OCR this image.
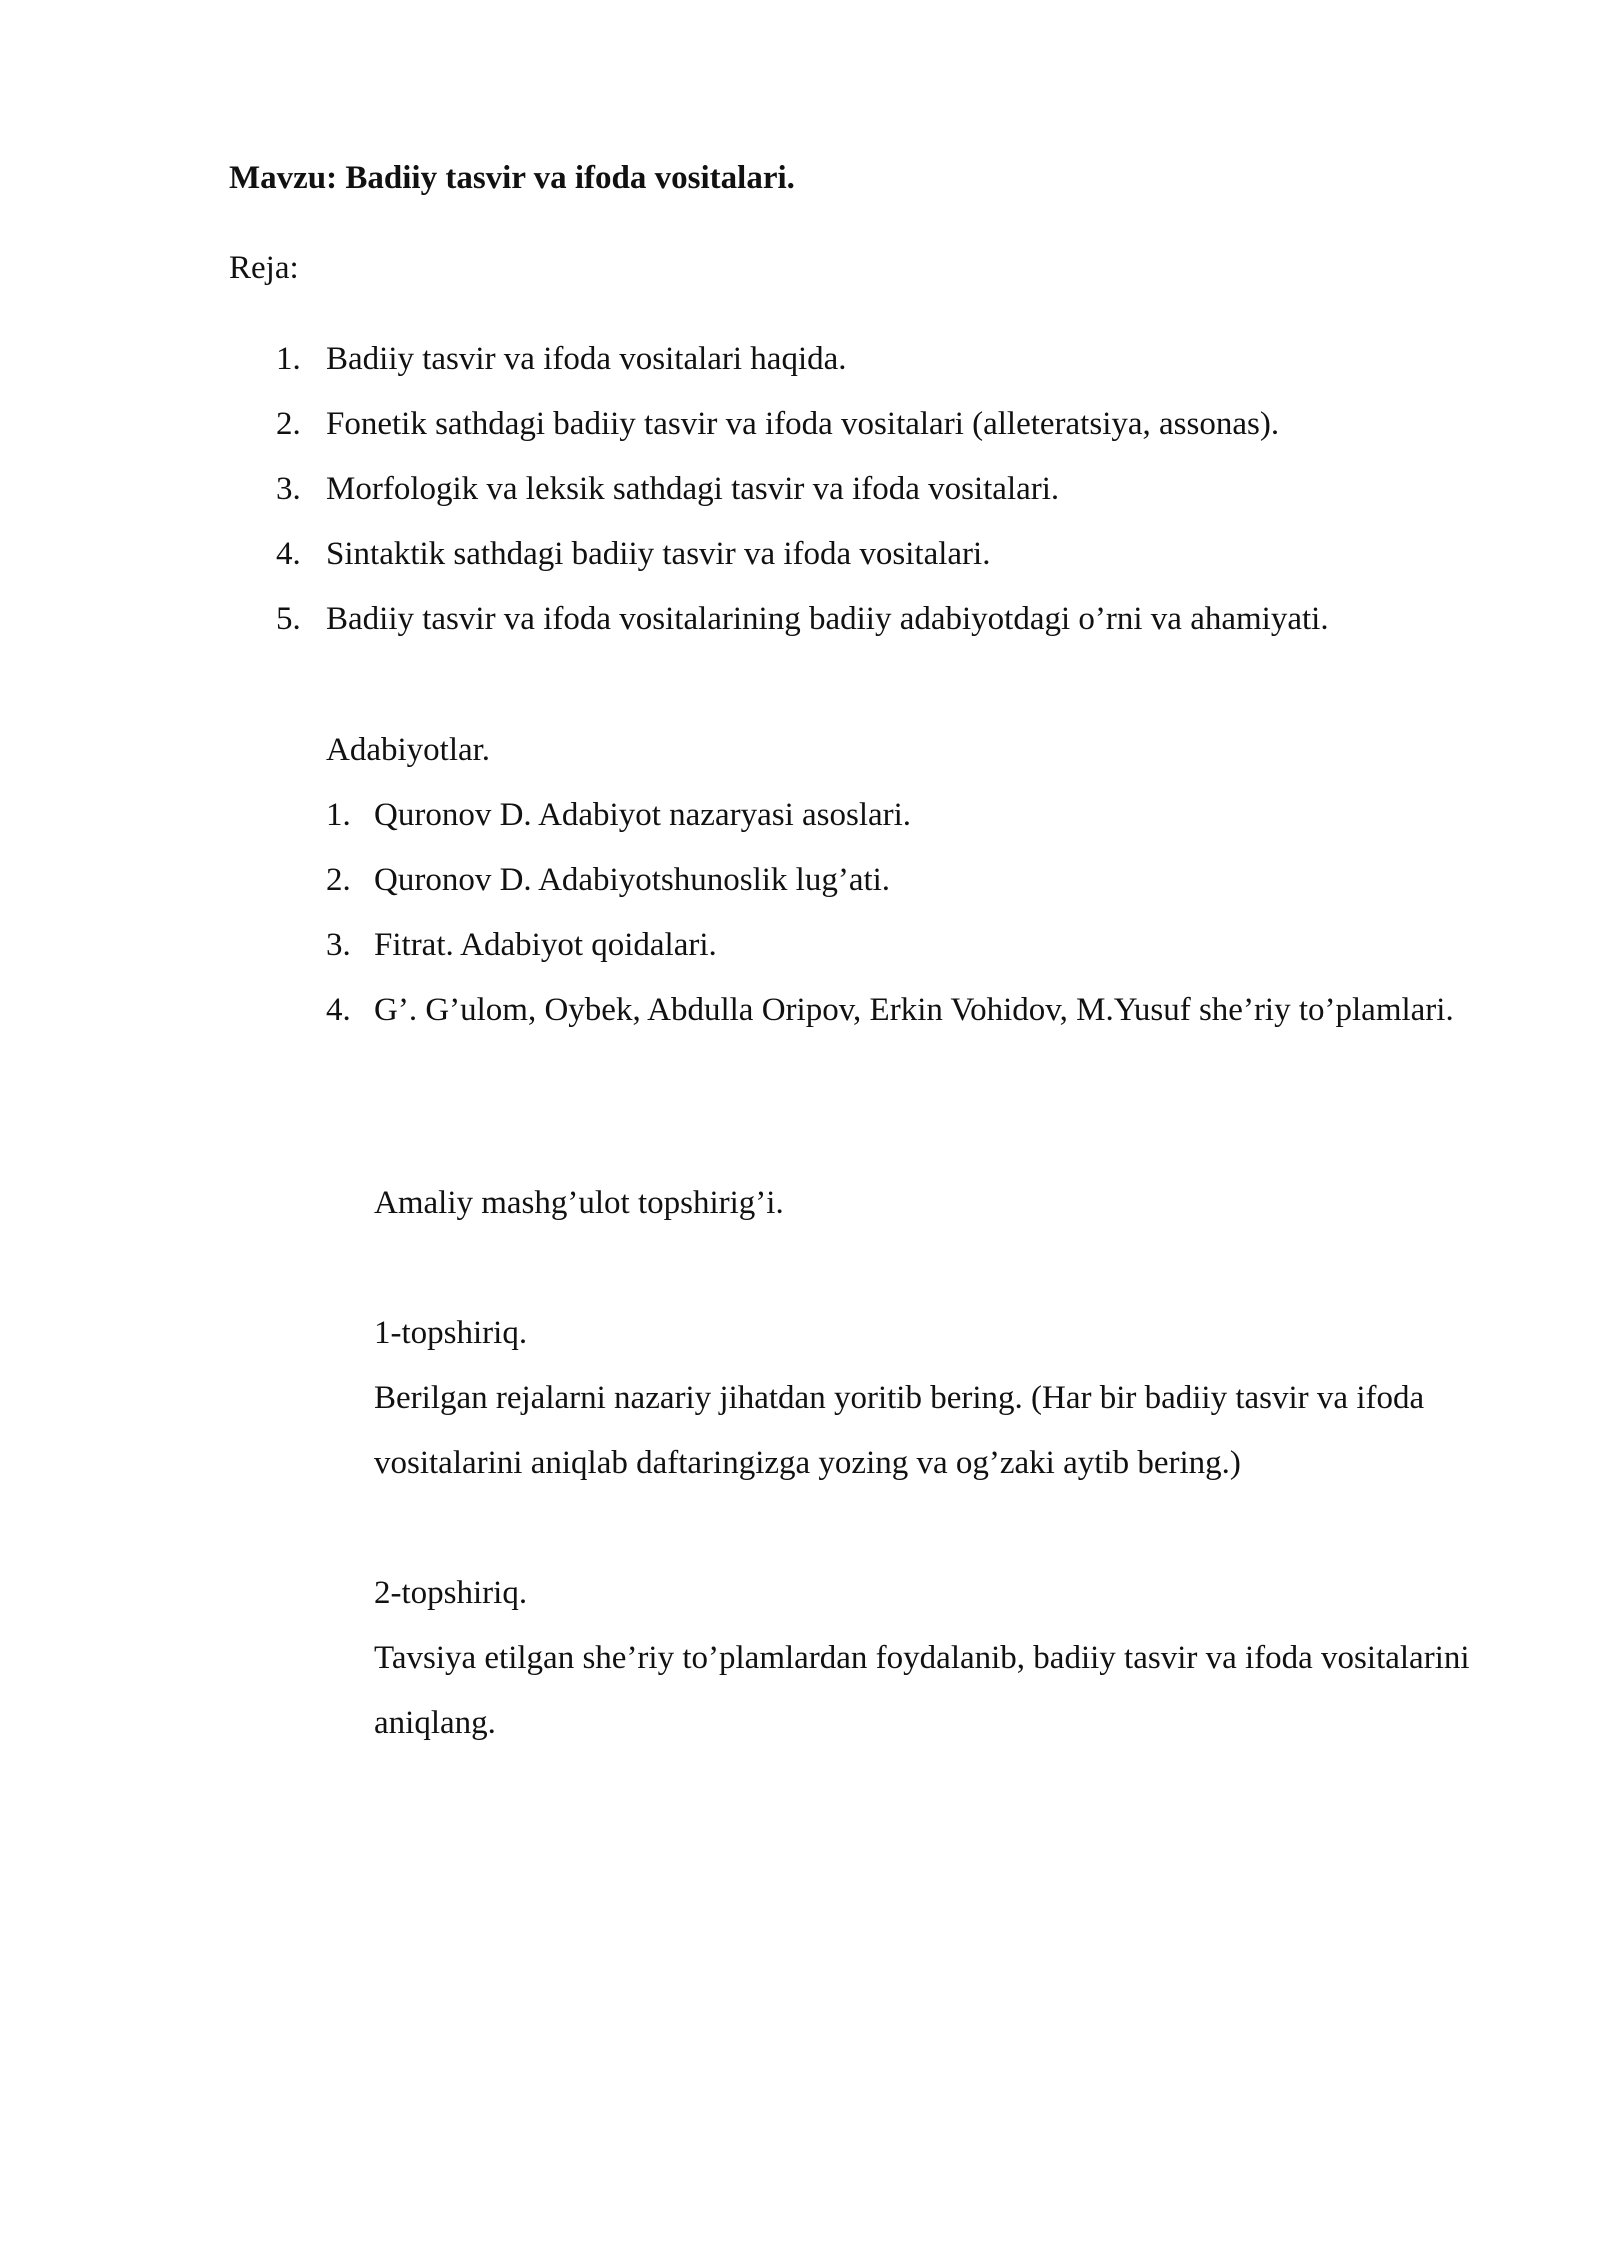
Mavzu: Badiiy tasvir va ifoda vositalari.

Reja:

1. Badiiy tasvir va ifoda vositalari haqida.
2. Fonetik sathdagi badiiy tasvir va ifoda vositalari (alleteratsiya, assonas).
3. Morfologik va leksik sathdagi tasvir va ifoda vositalari.
4. Sintaktik sathdagi badiiy tasvir va ifoda vositalari.
5. Badiiy tasvir va ifoda vositalarining badiiy adabiyotdagi o’rni va ahamiyati.

Adabiyotlar.

1. Quronov D. Adabiyot nazaryasi asoslari.
2. Quronov D. Adabiyotshunoslik lug’ati.
3. Fitrat. Adabiyot qoidalari.
4. G’. G’ulom, Oybek, Abdulla Oripov, Erkin Vohidov, M.Yusuf she’riy to’plamlari.

Amaliy mashg’ulot topshirig’i.

1-topshiriq.

Berilgan rejalarni nazariy jihatdan yoritib bering. (Har bir badiiy tasvir va ifoda vositalarini aniqlab daftaringizga yozing va og’zaki aytib bering.)

2-topshiriq.

Tavsiya etilgan she’riy to’plamlardan foydalanib, badiiy tasvir va ifoda vositalarini aniqlang.
